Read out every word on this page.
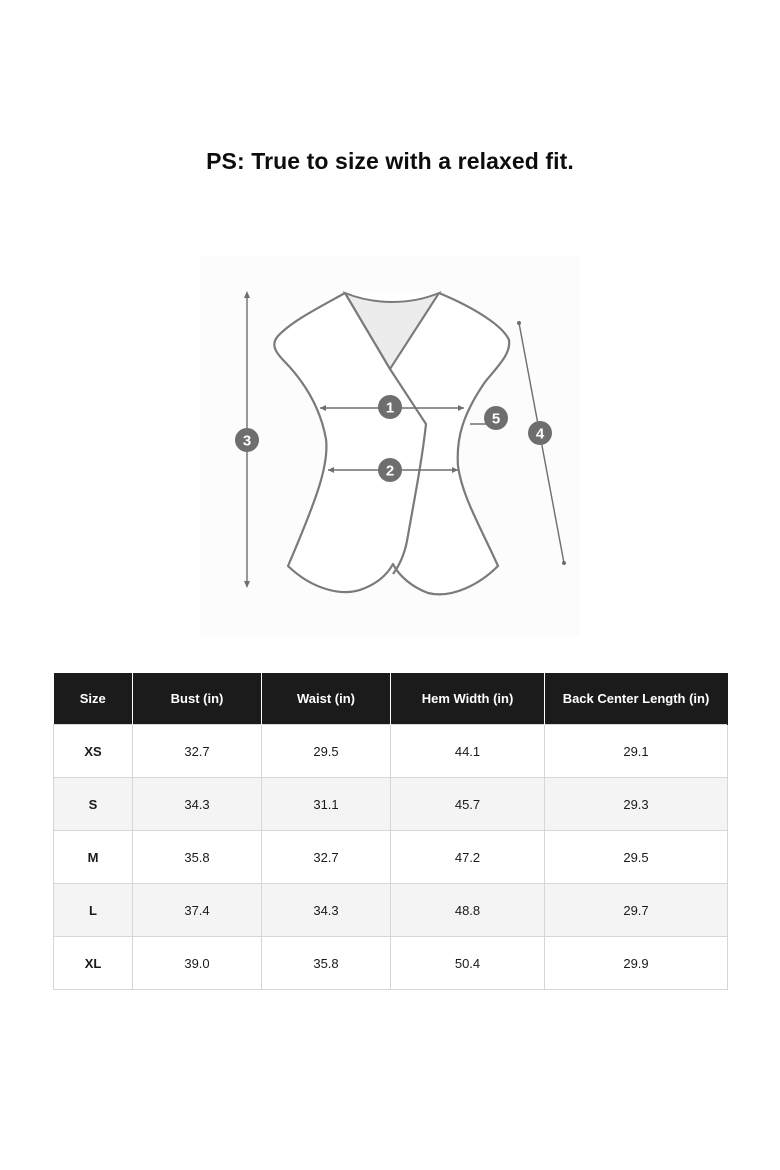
PS: True to size with a relaxed fit.
1
2
3	4
5
Size	Bust (in)	Waist (in)	Hem Width (in)	Back Center Length (in)
XS	32.7	29.5	44.1	29.1
S	34.3	31.1	45.7	29.3
M	35.8	32.7	47.2	29.5
L	37.4	34.3	48.8	29.7
XL	39.0	35.8	50.4	29.9
